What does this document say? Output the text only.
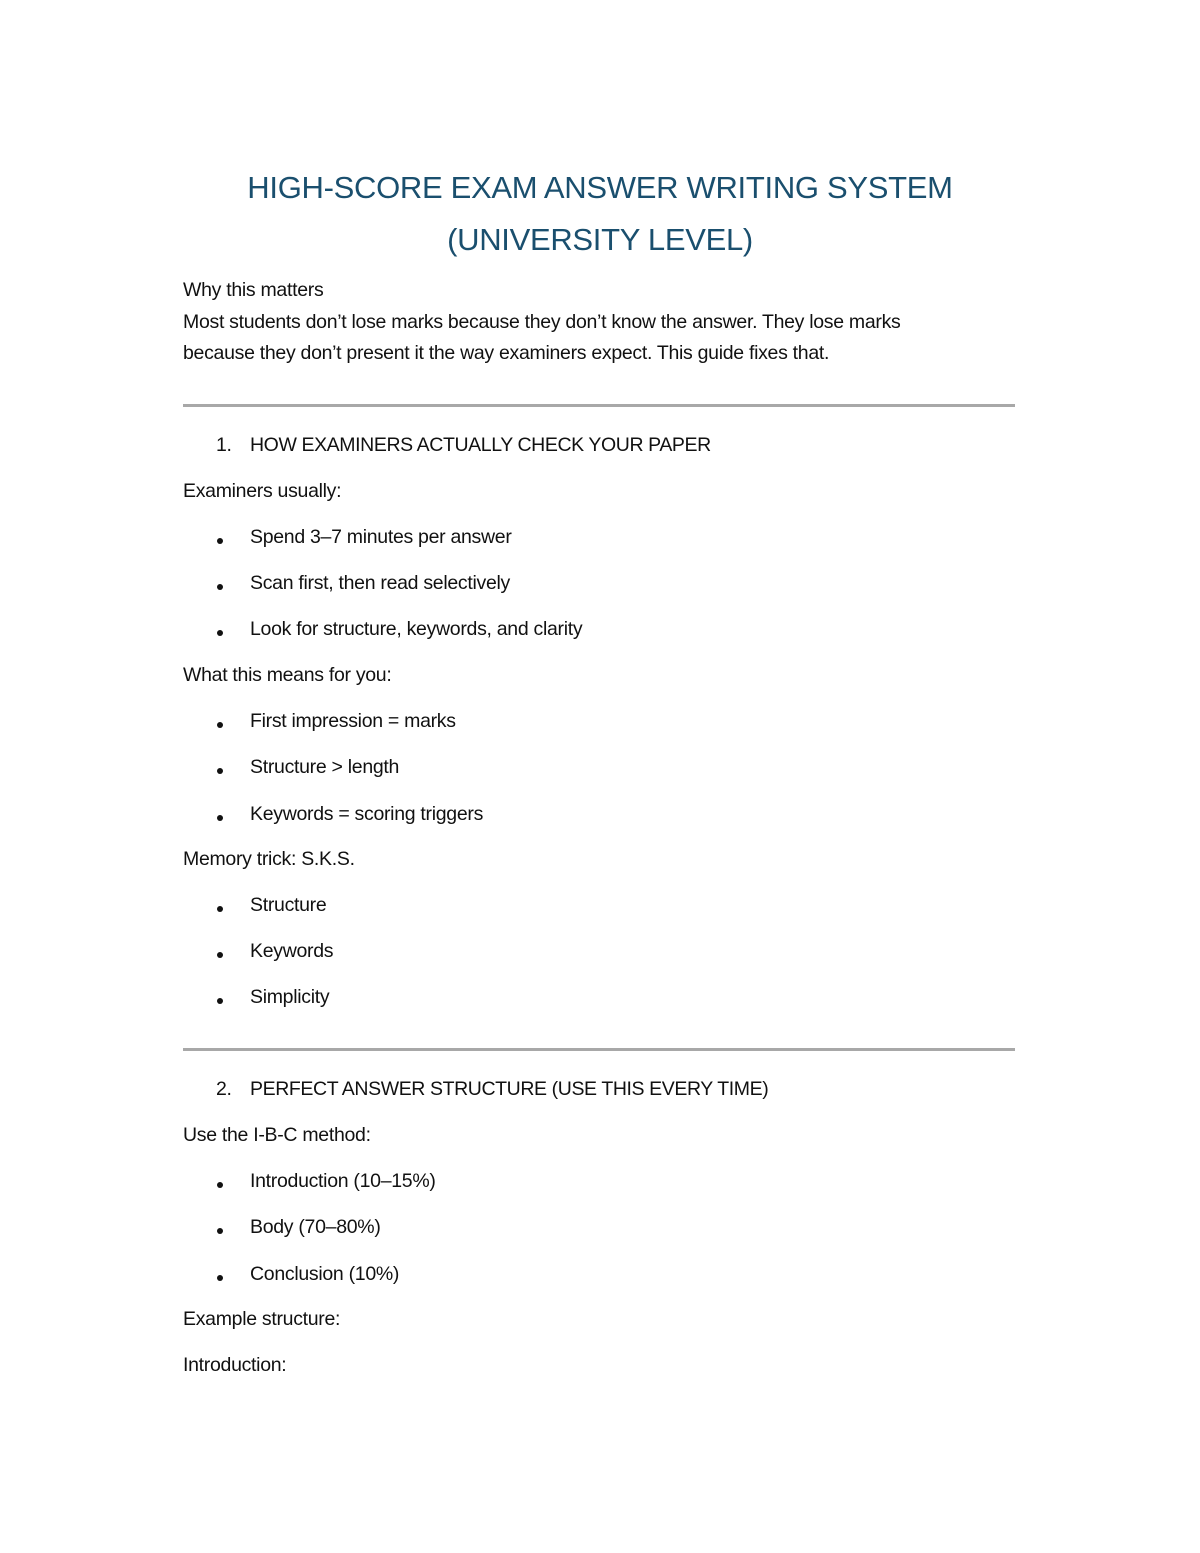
HIGH-SCORE EXAM ANSWER WRITING SYSTEM
(UNIVERSITY LEVEL)
Why this matters
Most students don’t lose marks because they don’t know the answer. They lose marks
because they don’t present it the way examiners expect. This guide fixes that.
1. HOW EXAMINERS ACTUALLY CHECK YOUR PAPER
Examiners usually:
Spend 3–7 minutes per answer
Scan first, then read selectively
Look for structure, keywords, and clarity
What this means for you:
First impression = marks
Structure > length
Keywords = scoring triggers
Memory trick: S.K.S.
Structure
Keywords
Simplicity
2. PERFECT ANSWER STRUCTURE (USE THIS EVERY TIME)
Use the I-B-C method:
Introduction (10–15%)
Body (70–80%)
Conclusion (10%)
Example structure:
Introduction:
